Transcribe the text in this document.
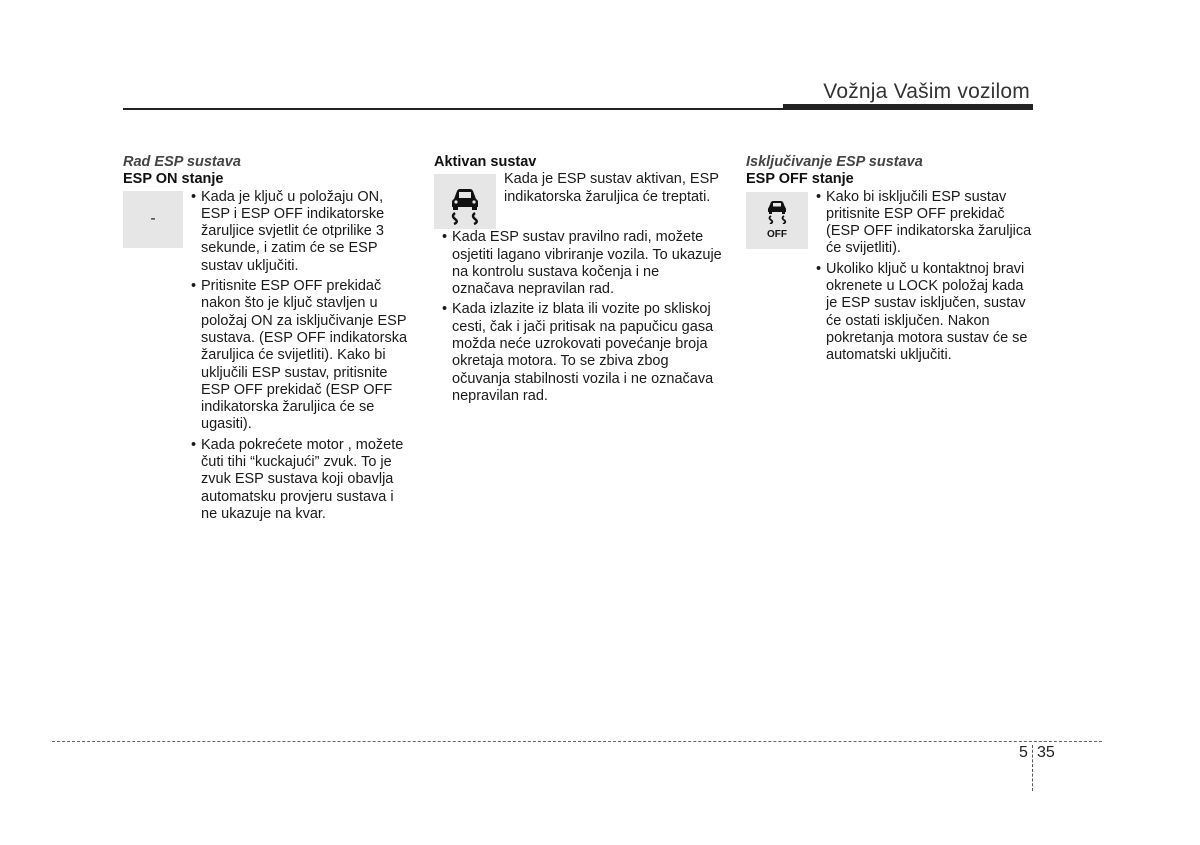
Vožnja Vašim vozilom

Rad ESP sustava

ESP ON stanje

-
• Kada je ključ u položaju ON, ESP i ESP OFF indikatorske žaruljice svjetlit će otprilike 3 sekunde, i zatim će se ESP sustav uključiti.
• Pritisnite ESP OFF prekidač nakon što je ključ stavljen u položaj ON za isključivanje ESP sustava. (ESP OFF indikatorska žaruljica će svijetliti). Kako bi uključili ESP sustav, pritisnite ESP OFF prekidač (ESP OFF indikatorska žaruljica će se ugasiti).
• Kada pokrećete motor , možete čuti tihi “kuckajući” zvuk. To je zvuk ESP sustava koji obavlja automatsku provjeru sustava i ne ukazuje na kvar.

Aktivan sustav

Kada je ESP sustav aktivan, ESP indikatorska žaruljica će treptati.

• Kada ESP sustav pravilno radi, možete osjetiti lagano vibriranje vozila. To ukazuje na kontrolu sustava kočenja i ne označava nepravilan rad.
• Kada izlazite iz blata ili vozite po skliskoj cesti, čak i jači pritisak na papučicu gasa možda neće uzrokovati povećanje broja okretaja motora. To se zbiva zbog očuvanja stabilnosti vozila i ne označava nepravilan rad.

Isključivanje ESP sustava

ESP OFF stanje

OFF
• Kako bi isključili ESP sustav pritisnite ESP OFF prekidač (ESP OFF indikatorska žaruljica će svijetliti).
• Ukoliko ključ u kontaktnoj bravi okrenete u LOCK položaj kada je ESP sustav isključen, sustav će ostati isključen. Nakon pokretanja motora sustav će se automatski uključiti.
5 35
